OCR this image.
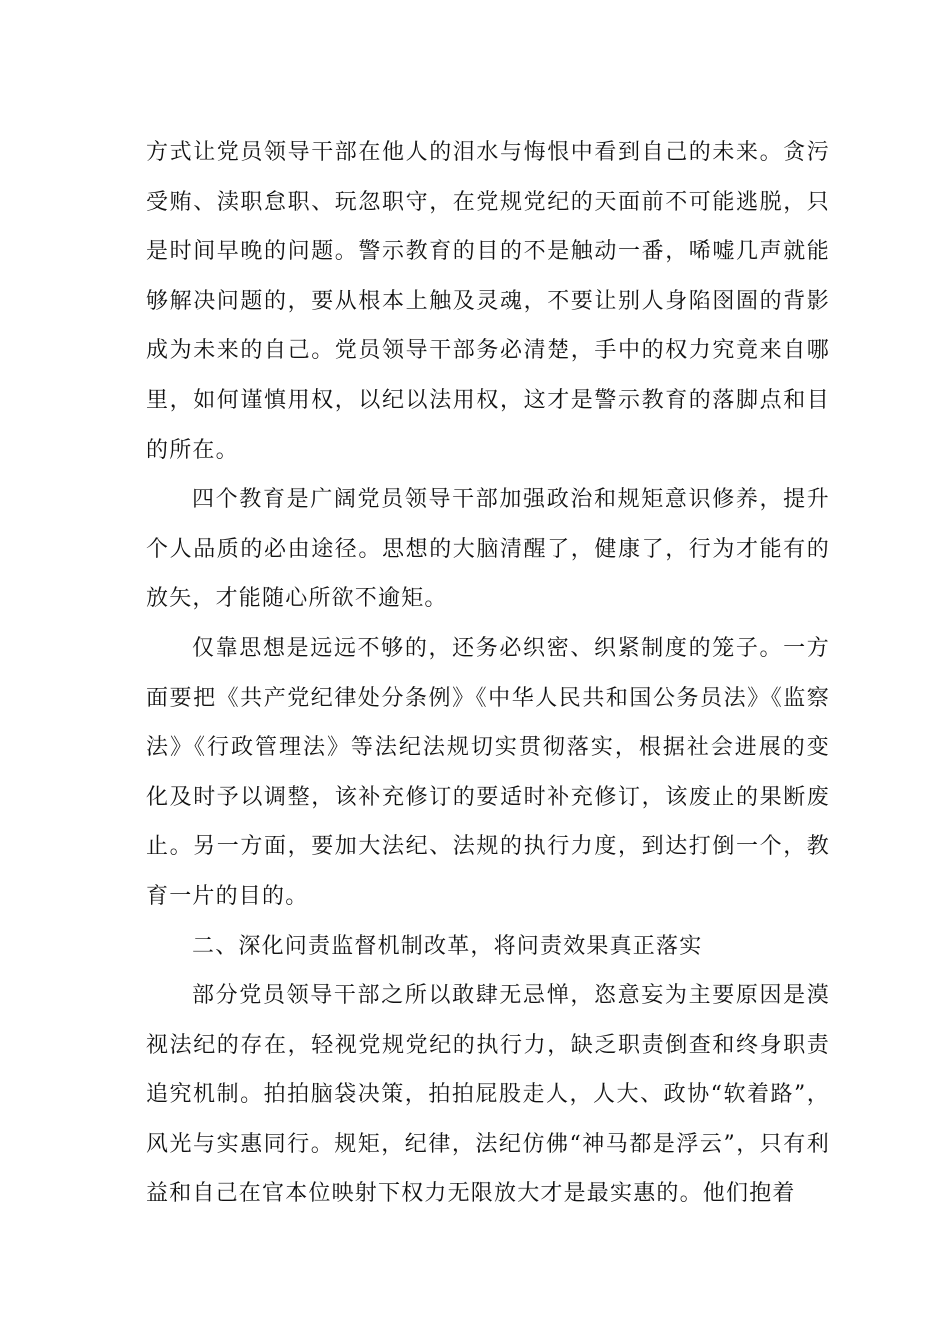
方式让党员领导干部在他人的泪水与悔恨中看到自己的未来。贪污受贿、渎职怠职、玩忽职守，在党规党纪的天面前不可能逃脱，只是时间早晚的问题。警示教育的目的不是触动一番，唏嘘几声就能够解决问题的，要从根本上触及灵魂，不要让别人身陷囹圄的背影成为未来的自己。党员领导干部务必清楚，手中的权力究竟来自哪里，如何谨慎用权，以纪以法用权，这才是警示教育的落脚点和目的所在。

四个教育是广阔党员领导干部加强政治和规矩意识修养，提升个人品质的必由途径。思想的大脑清醒了，健康了，行为才能有的放矢，才能随心所欲不逾矩。

仅靠思想是远远不够的，还务必织密、织紧制度的笼子。一方面要把《共产党纪律处分条例》《中华人民共和国公务员法》《监察法》《行政管理法》等法纪法规切实贯彻落实，根据社会进展的变化及时予以调整，该补充修订的要适时补充修订，该废止的果断废止。另一方面，要加大法纪、法规的执行力度，到达打倒一个，教育一片的目的。

二、深化问责监督机制改革，将问责效果真正落实

部分党员领导干部之所以敢肆无忌惮，恣意妄为主要原因是漠视法纪的存在，轻视党规党纪的执行力，缺乏职责倒查和终身职责追究机制。拍拍脑袋决策，拍拍屁股走人，人大、政协“软着路”，风光与实惠同行。规矩，纪律，法纪仿佛“神马都是浮云”，只有利益和自己在官本位映射下权力无限放大才是最实惠的。他们抱着
